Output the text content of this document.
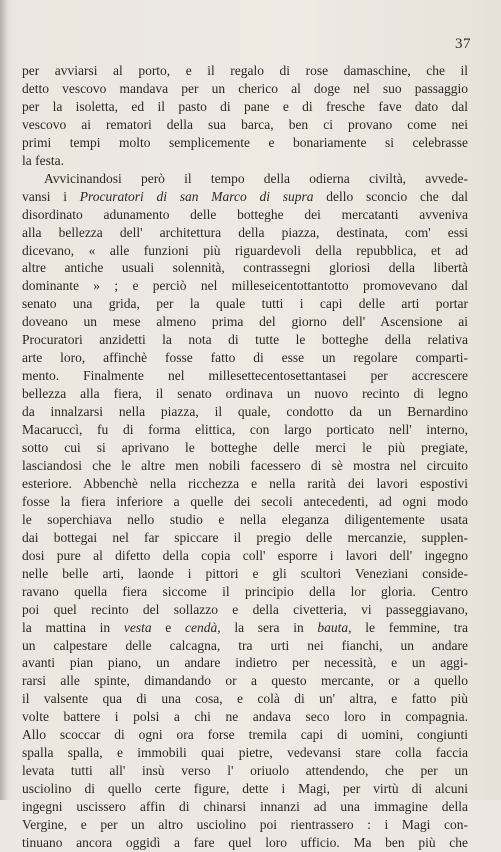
37
per avviarsi al porto, e il regalo di rose damaschine, che il
detto vescovo mandava per un cherico al doge nel suo passaggio
per la isoletta, ed il pasto di pane e di fresche fave dato dal
vescovo ai rematori della sua barca, ben ci provano come nei
primi tempi molto semplicemente e bonariamente si celebrasse
la festa.
Avvicinandosi però il tempo della odierna civiltà, avvede-
vansi i Procuratori di san Marco di supra dello sconcio che dal
disordinato adunamento delle botteghe dei mercatanti avveniva
alla bellezza dell' architettura della piazza, destinata, com' essi
dicevano, « alle funzioni più riguardevoli della repubblica, et ad
altre antiche usuali solennità, contrassegni gloriosi della libertà
dominante » ; e perciò nel milleseicentottantotto promovevano dal
senato una grida, per la quale tutti i capi delle arti portar
doveano un mese almeno prima del giorno dell' Ascensione ai
Procuratori anzidetti la nota di tutte le botteghe della relativa
arte loro, affinchè fosse fatto di esse un regolare comparti-
mento. Finalmente nel millesettecentosettantasei per accrescere
bellezza alla fiera, il senato ordinava un nuovo recinto di legno
da innalzarsi nella piazza, il quale, condotto da un Bernardino
Macaruccì, fu di forma elittica, con largo porticato nell' interno,
sotto cui si aprivano le botteghe delle merci le più pregiate,
lasciandosi che le altre men nobili facessero di sè mostra nel circuito
esteriore. Abbenchè nella ricchezza e nella rarità dei lavori espostivi
fosse la fiera inferiore a quelle dei secoli antecedenti, ad ogni modo
le soperchiava nello studio e nella eleganza diligentemente usata
dai bottegai nel far spiccare il pregio delle mercanzie, supplen-
dosi pure al difetto della copia coll' esporre i lavori dell' ingegno
nelle belle arti, laonde i pittori e gli scultori Veneziani conside-
ravano quella fiera siccome il principio della lor gloria. Centro
poi quel recinto del sollazzo e della civetteria, vi passeggiavano,
la mattina in vesta e cendà, la sera in bauta, le femmine, tra
un calpestare delle calcagna, tra urti nei fianchi, un andare
avanti pian piano, un andare indietro per necessità, e un aggi-
rarsi alle spinte, dimandando or a questo mercante, or a quello
il valsente qua di una cosa, e colà di un' altra, e fatto più
volte battere i polsi a chi ne andava seco loro in compagnia.
Allo scoccar di ogni ora forse tremila capi di uomini, congiunti
spalla spalla, e immobili quai pietre, vedevansi stare colla faccia
levata tutti all' insù verso l' oriuolo attendendo, che per un
usciolino di quello certe figure, dette i Magi, per virtù di alcuni
ingegni uscissero affin di chinarsi innanzi ad una immagine della
Vergine, e per un altro usciolino poi rientrassero : i Magi con-
tinuano ancora oggidì a fare quel loro ufficio. Ma ben più che
